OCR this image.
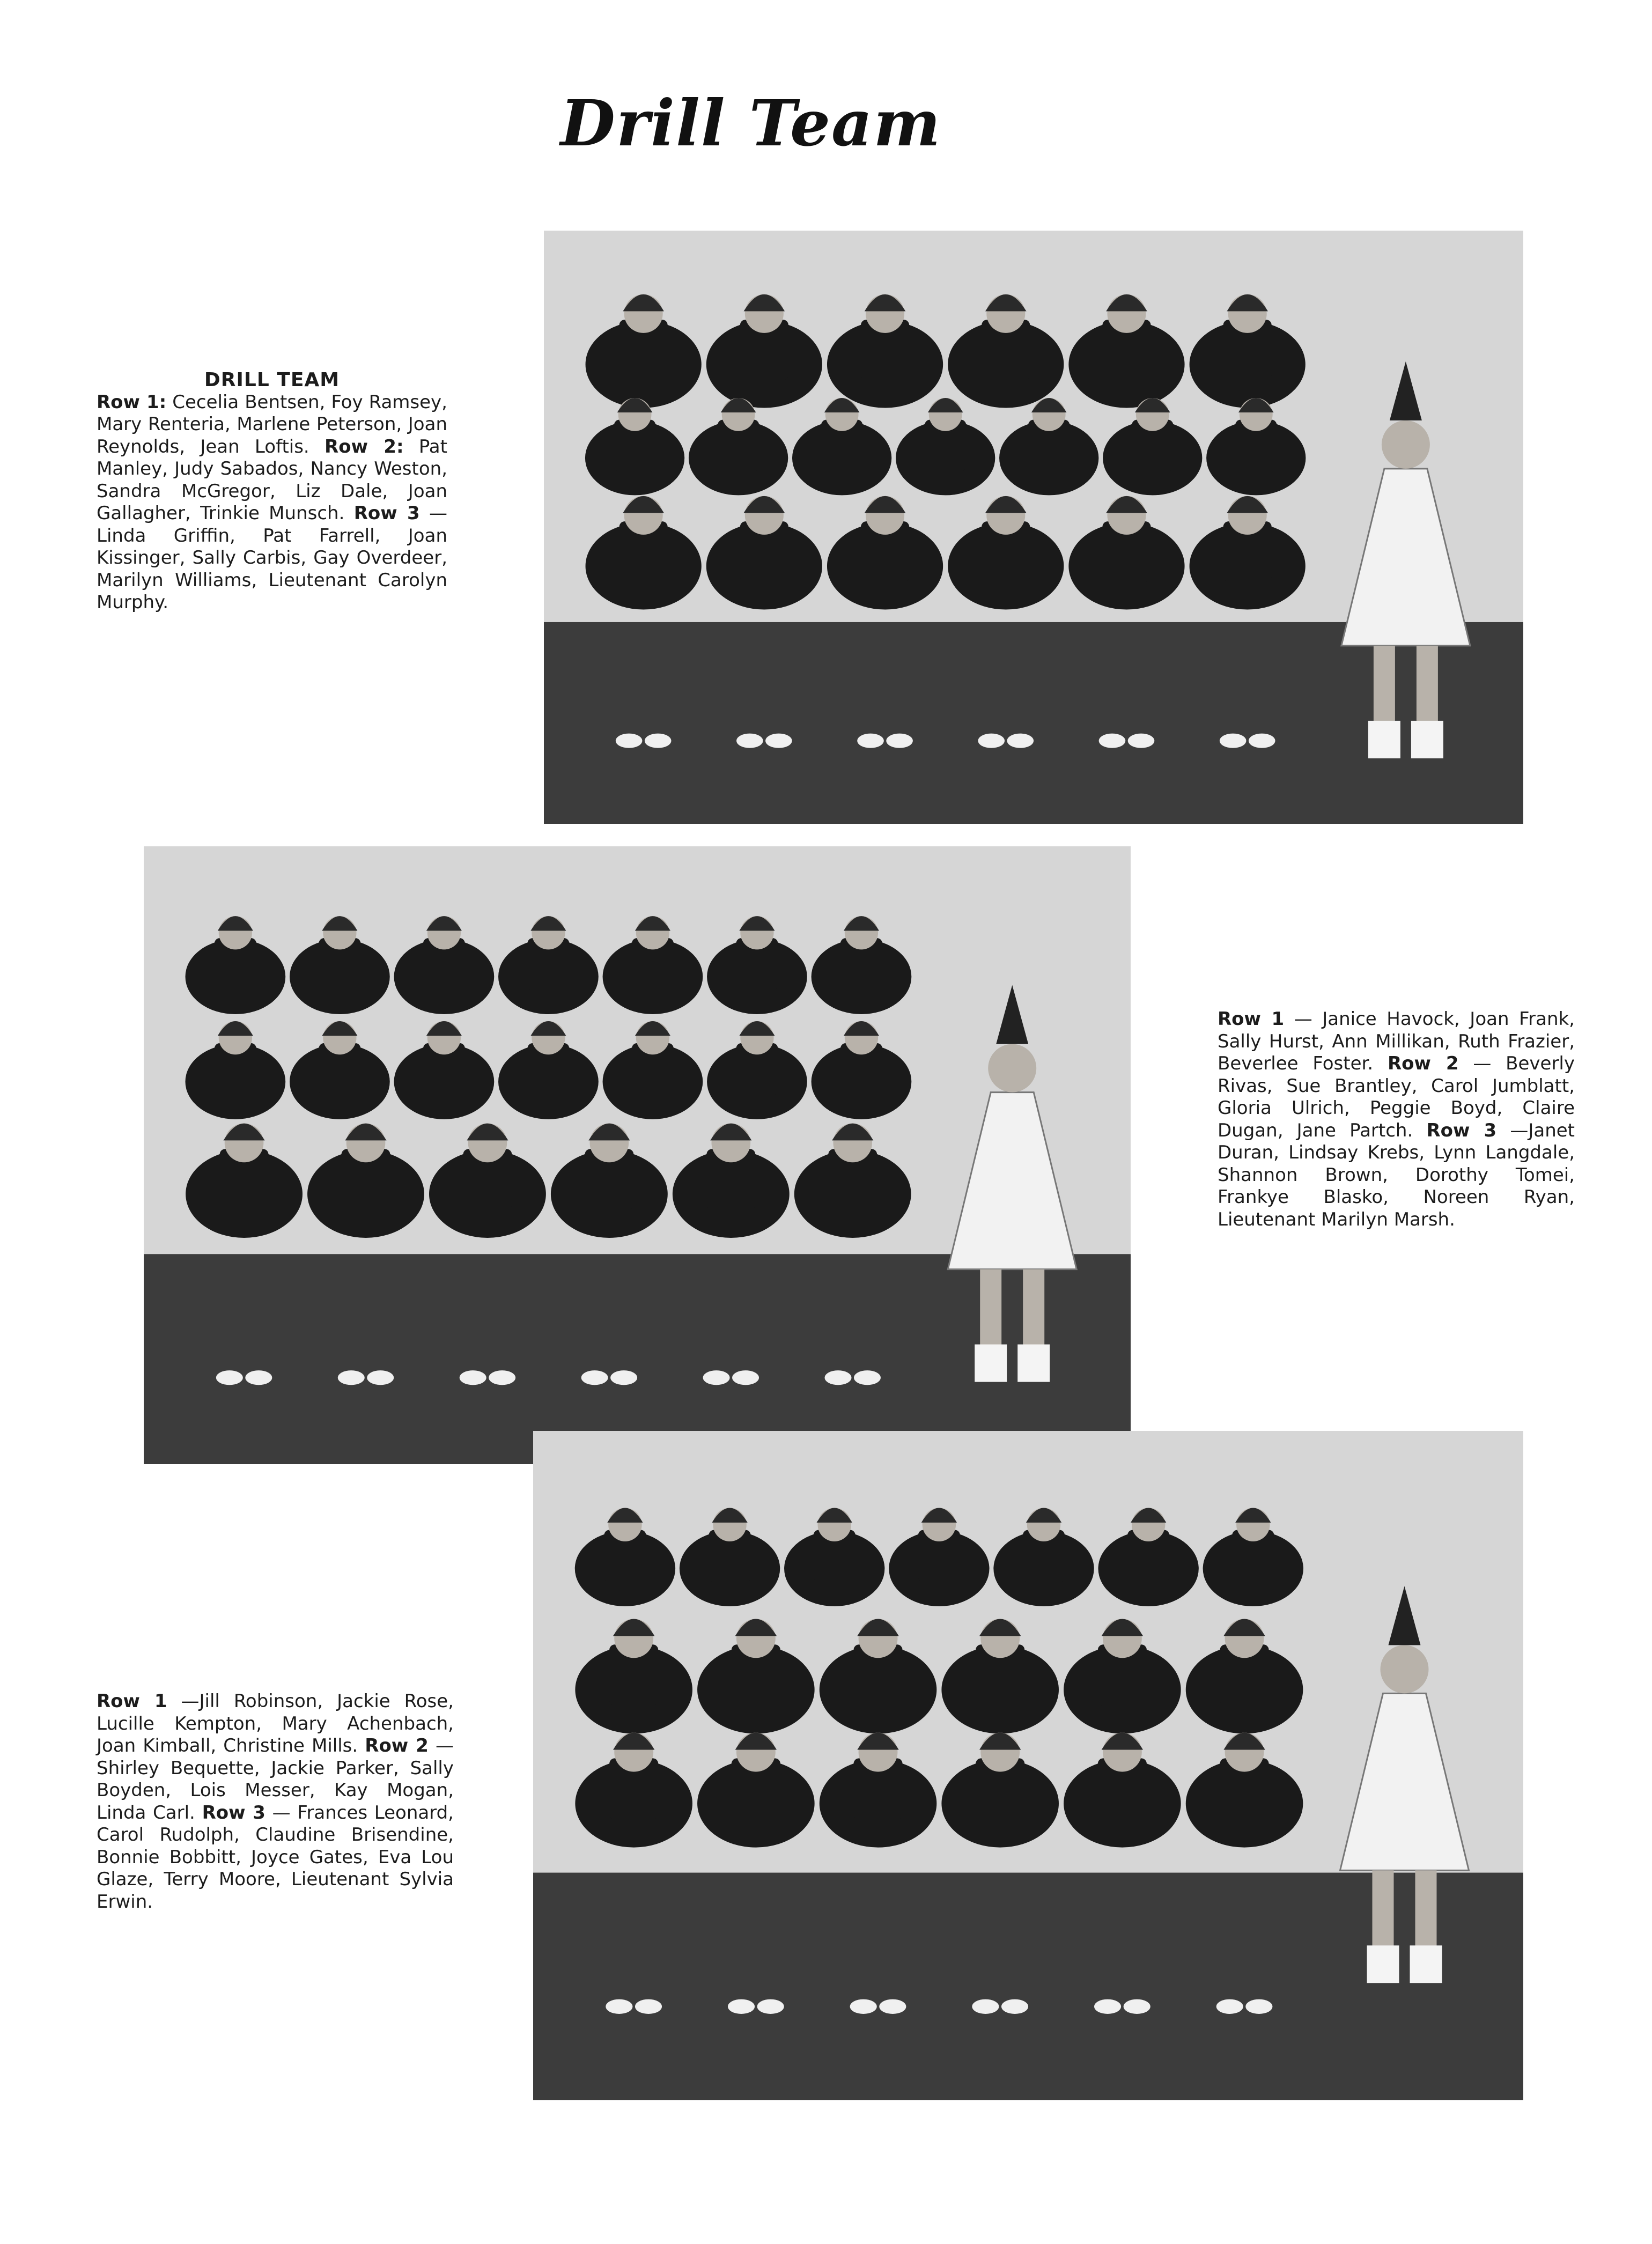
Drill Team
DRILL TEAM
Row 1: Cecelia Bentsen, Foy Ramsey, Mary Renteria, Marlene Peterson, Joan Reynolds, Jean Loftis. Row 2: Pat Manley, Judy Sabados, Nancy Weston, Sandra McGregor, Liz Dale, Joan Gallagher, Trinkie Munsch. Row 3 — Linda Griffin, Pat Farrell, Joan Kissinger, Sally Carbis, Gay Overdeer, Marilyn Williams, Lieutenant Carolyn Murphy.
Row 1 — Janice Havock, Joan Frank, Sally Hurst, Ann Millikan, Ruth Frazier, Beverlee Foster. Row 2 — Beverly Rivas, Sue Brantley, Carol Jumblatt, Gloria Ulrich, Peggie Boyd, Claire Dugan, Jane Partch. Row 3 —Janet Duran, Lindsay Krebs, Lynn Langdale, Shannon Brown, Dorothy Tomei, Frankye Blasko, Noreen Ryan, Lieutenant Marilyn Marsh.
Row 1 —Jill Robinson, Jackie Rose, Lucille Kempton, Mary Achenbach, Joan Kimball, Christine Mills. Row 2 —Shirley Bequette, Jackie Parker, Sally Boyden, Lois Messer, Kay Mogan, Linda Carl. Row 3 — Frances Leonard, Carol Rudolph, Claudine Brisendine, Bonnie Bobbitt, Joyce Gates, Eva Lou Glaze, Terry Moore, Lieutenant Sylvia Erwin.
